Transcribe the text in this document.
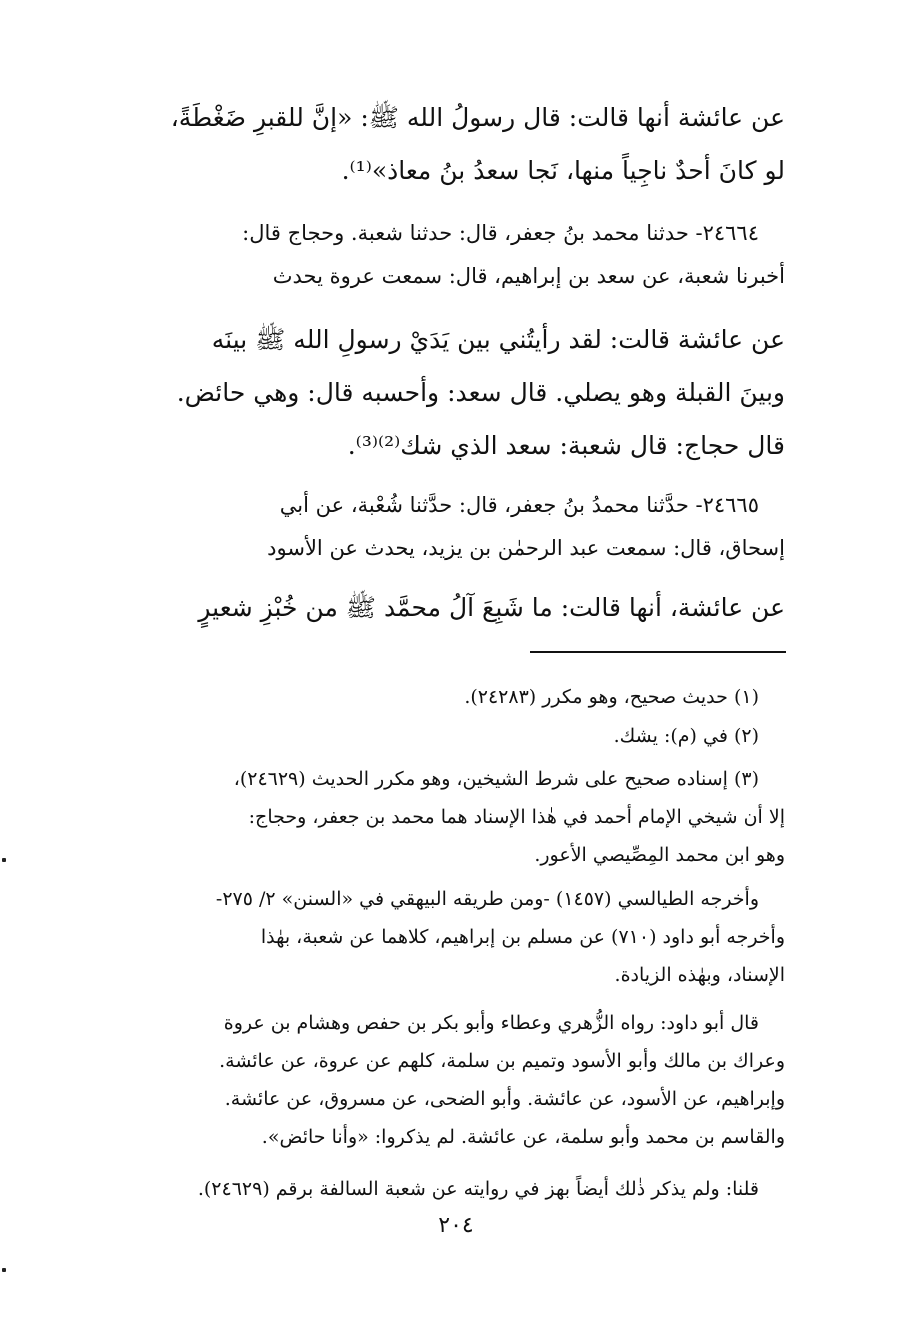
عن عائشة أنها قالت: قال رسولُ الله ﷺ: «إنَّ للقبرِ ضَغْطَةً،
لو كانَ أحدٌ ناجِياً منها، نَجا سعدُ بنُ معاذ»⁽¹⁾.
٢٤٦٦٤- حدثنا محمد بنُ جعفر، قال: حدثنا شعبة. وحجاج قال:
أخبرنا شعبة، عن سعد بن إبراهيم، قال: سمعت عروة يحدث
عن عائشة قالت: لقد رأيتُني بين يَدَيْ رسولِ الله ﷺ بينَه
وبينَ القبلة وهو يصلي. قال سعد: وأحسبه قال: وهي حائض.
قال حجاج: قال شعبة: سعد الذي شك⁽²⁾⁽³⁾.
٢٤٦٦٥- حدَّثنا محمدُ بنُ جعفر، قال: حدَّثنا شُعْبة، عن أبي
إسحاق، قال: سمعت عبد الرحمٰن بن يزيد، يحدث عن الأسود
عن عائشة، أنها قالت: ما شَبِعَ آلُ محمَّد ﷺ من خُبْزِ شعيرٍ
(١) حديث صحيح، وهو مكرر (٢٤٢٨٣).
(٢) في (م): يشك.
(٣) إسناده صحيح على شرط الشيخين، وهو مكرر الحديث (٢٤٦٢٩)،
إلا أن شيخي الإمام أحمد في هٰذا الإسناد هما محمد بن جعفر، وحجاج:
وهو ابن محمد المِصِّيصي الأعور.
وأخرجه الطيالسي (١٤٥٧) -ومن طريقه البيهقي في «السنن» ٢/ ٢٧٥-
وأخرجه أبو داود (٧١٠) عن مسلم بن إبراهيم، كلاهما عن شعبة، بهٰذا
الإسناد، وبهٰذه الزيادة.
قال أبو داود: رواه الزُّهري وعطاء وأبو بكر بن حفص وهشام بن عروة
وعراك بن مالك وأبو الأسود وتميم بن سلمة، كلهم عن عروة، عن عائشة.
وإبراهيم، عن الأسود، عن عائشة. وأبو الضحى، عن مسروق، عن عائشة.
والقاسم بن محمد وأبو سلمة، عن عائشة. لم يذكروا: «وأنا حائض».
قلنا: ولم يذكر ذٰلك أيضاً بهز في روايته عن شعبة السالفة برقم (٢٤٦٢٩).
٢٠٤
